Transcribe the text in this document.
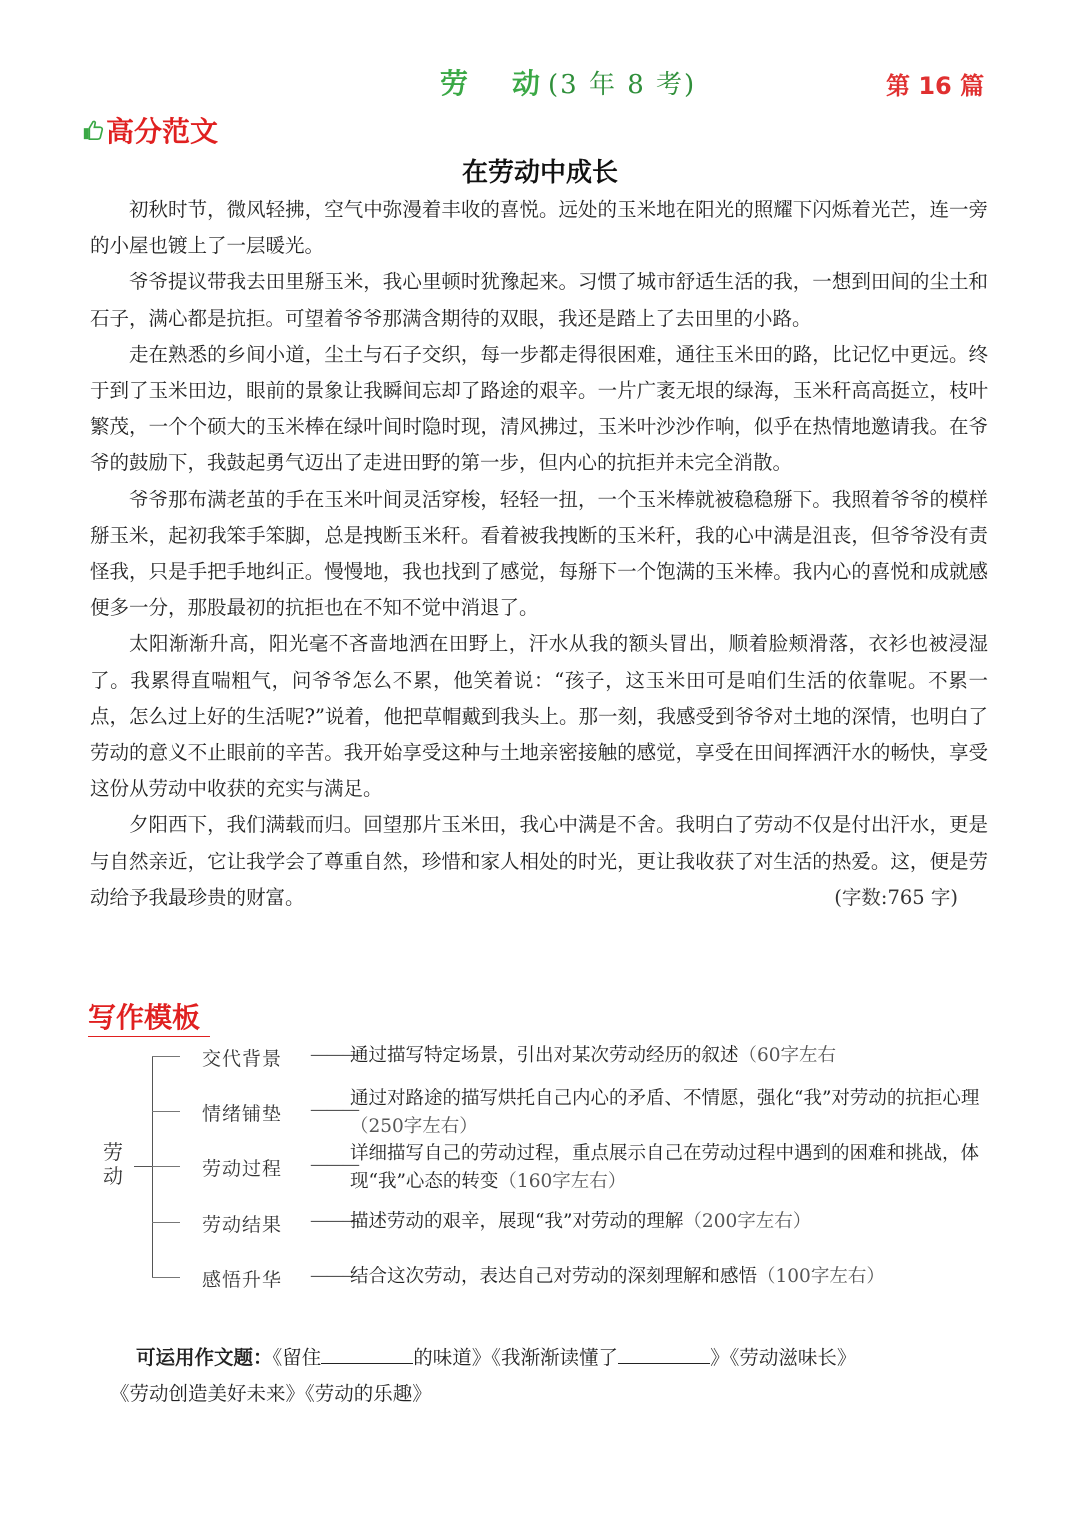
劳　动(3 年 8 考)	第 16 篇
高分范文
在劳动中成长

初秋时节，微风轻拂，空气中弥漫着丰收的喜悦。远处的玉米地在阳光的照耀下闪烁着光芒，连一旁的小屋也镀上了一层暖光。

爷爷提议带我去田里掰玉米，我心里顿时犹豫起来。习惯了城市舒适生活的我，一想到田间的尘土和石子，满心都是抗拒。可望着爷爷那满含期待的双眼，我还是踏上了去田里的小路。

走在熟悉的乡间小道，尘土与石子交织，每一步都走得很困难，通往玉米田的路，比记忆中更远。终于到了玉米田边，眼前的景象让我瞬间忘却了路途的艰辛。一片广袤无垠的绿海，玉米秆高高挺立，枝叶繁茂，一个个硕大的玉米棒在绿叶间时隐时现，清风拂过，玉米叶沙沙作响，似乎在热情地邀请我。在爷爷的鼓励下，我鼓起勇气迈出了走进田野的第一步，但内心的抗拒并未完全消散。

爷爷那布满老茧的手在玉米叶间灵活穿梭，轻轻一扭，一个玉米棒就被稳稳掰下。我照着爷爷的模样掰玉米，起初我笨手笨脚，总是拽断玉米秆。看着被我拽断的玉米秆，我的心中满是沮丧，但爷爷没有责怪我，只是手把手地纠正。慢慢地，我也找到了感觉，每掰下一个饱满的玉米棒。我内心的喜悦和成就感便多一分，那股最初的抗拒也在不知不觉中消退了。

太阳渐渐升高，阳光毫不吝啬地洒在田野上，汗水从我的额头冒出，顺着脸颊滑落，衣衫也被浸湿了。我累得直喘粗气，问爷爷怎么不累，他笑着说：“孩子，这玉米田可是咱们生活的依靠呢。不累一点，怎么过上好的生活呢?”说着，他把草帽戴到我头上。那一刻，我感受到爷爷对土地的深情，也明白了劳动的意义不止眼前的辛苦。我开始享受这种与土地亲密接触的感觉，享受在田间挥洒汗水的畅快，享受这份从劳动中收获的充实与满足。

夕阳西下，我们满载而归。回望那片玉米田，我心中满是不舍。我明白了劳动不仅是付出汗水，更是与自然亲近，它让我学会了尊重自然，珍惜和家人相处的时光，更让我收获了对生活的热爱。这，便是劳动给予我最珍贵的财富。	(字数:765 字)

写作模板
劳
动
交代背景 ———
通过描写特定场景，引出对某次劳动经历的叙述（60字左右
情绪铺垫 ———
通过对路途的描写烘托自己内心的矛盾、不情愿，强化“我”对劳动的抗拒心理（250字左右）
劳动过程 ———
详细描写自己的劳动过程，重点展示自己在劳动过程中遇到的困难和挑战，体现“我”心态的转变（160字左右）
劳动结果 ———
描述劳动的艰辛，展现“我”对劳动的理解（200字左右）
感悟升华 ———
结合这次劳动，表达自己对劳动的深刻理解和感悟（100字左右）
可运用作文题：《留住	的味道》《我渐渐读懂了	》《劳动滋味长》
《劳动创造美好未来》《劳动的乐趣》
